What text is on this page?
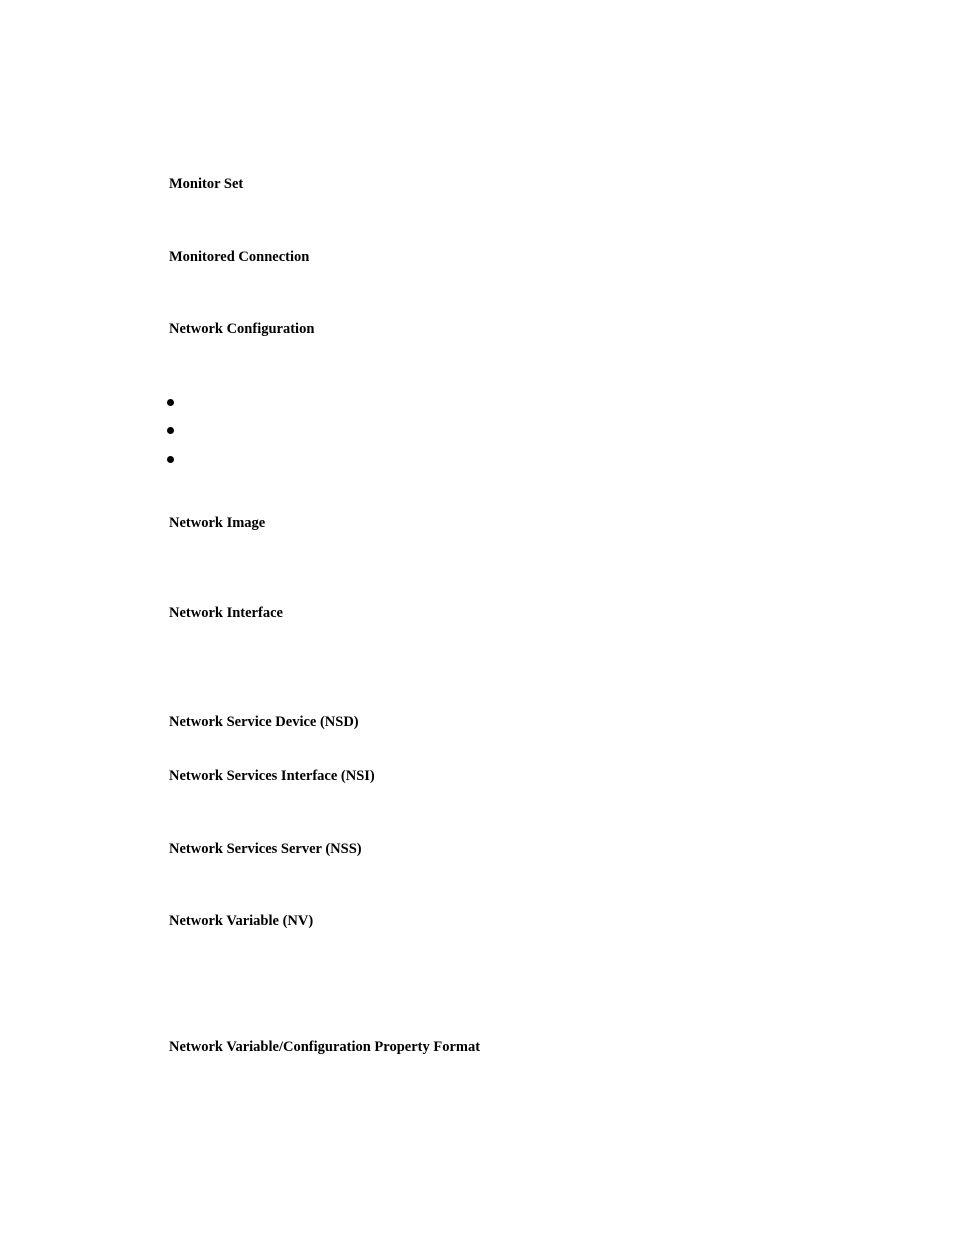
Monitor Set
Monitored Connection
Network Configuration
Network Image
Network Interface
Network Service Device (NSD)
Network Services Interface (NSI)
Network Services Server (NSS)
Network Variable (NV)
Network Variable/Configuration Property Format
